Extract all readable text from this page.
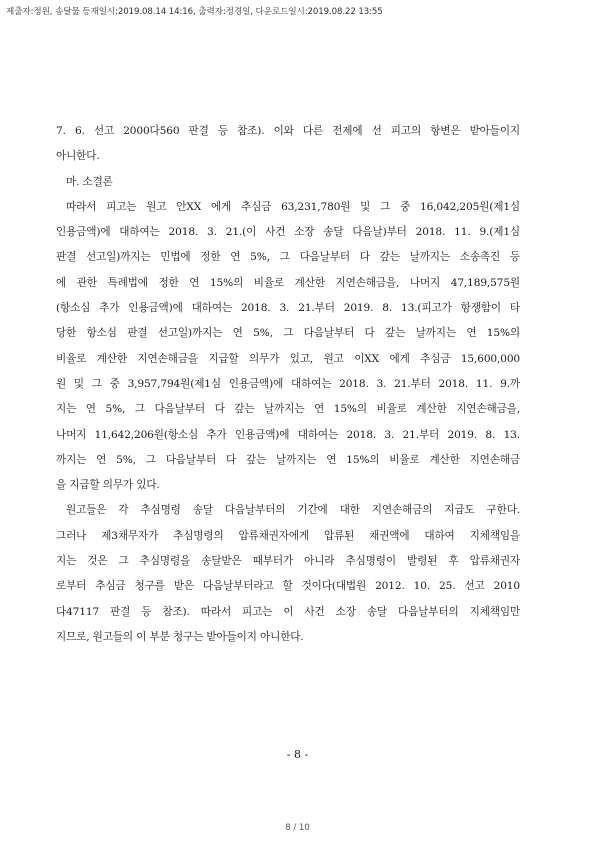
제출자:정원, 송달물 등재일시:2019.08.14 14:16, 출력자:정경일, 다운로드일시:2019.08.22 13:55
7. 6. 선고 2000다560 판결 등 참조). 이와 다른 전제에 선 피고의 항변은 받아들이지
아니한다.
마. 소결론
따라서 피고는 원고 안XX 에게 추심금 63,231,780원 및 그 중 16,042,205원(제1심
인용금액)에 대하여는 2018. 3. 21.(이 사건 소장 송달 다음날)부터 2018. 11. 9.(제1심
판결 선고일)까지는 민법에 정한 연 5%, 그 다음날부터 다 갚는 날까지는 소송촉진 등
에 관한 특례법에 정한 연 15%의 비율로 계산한 지연손해금을, 나머지 47,189,575원
(항소심 추가 인용금액)에 대하여는 2018. 3. 21.부터 2019. 8. 13.(피고가 항쟁함이 타
당한 항소심 판결 선고일)까지는 연 5%, 그 다음날부터 다 갚는 날까지는 연 15%의
비율로 계산한 지연손해금을 지급할 의무가 있고, 원고 이XX 에게 추심금 15,600,000
원 및 그 중 3,957,794원(제1심 인용금액)에 대하여는 2018. 3. 21.부터 2018. 11. 9.까
지는 연 5%, 그 다음날부터 다 갚는 날까지는 연 15%의 비율로 계산한 지연손해금을,
나머지 11,642,206원(항소심 추가 인용금액)에 대하여는 2018. 3. 21.부터 2019. 8. 13.
까지는 연 5%, 그 다음날부터 다 갚는 날까지는 연 15%의 비율로 계산한 지연손해금
을 지급할 의무가 있다.
원고들은 각 추심명령 송달 다음날부터의 기간에 대한 지연손해금의 지급도 구한다.
그러나 제3채무자가 추심명령의 압류채권자에게 압류된 채권액에 대하여 지체책임을
지는 것은 그 추심명령을 송달받은 때부터가 아니라 추심명령이 발령된 후 압류채권자
로부터 추심금 청구를 받은 다음날부터라고 할 것이다(대법원 2012. 10. 25. 선고 2010
다47117 판결 등 참조). 따라서 피고는 이 사건 소장 송달 다음날부터의 지체책임만
지므로, 원고들의 이 부분 청구는 받아들이지 아니한다.
- 8 -
8 / 10
